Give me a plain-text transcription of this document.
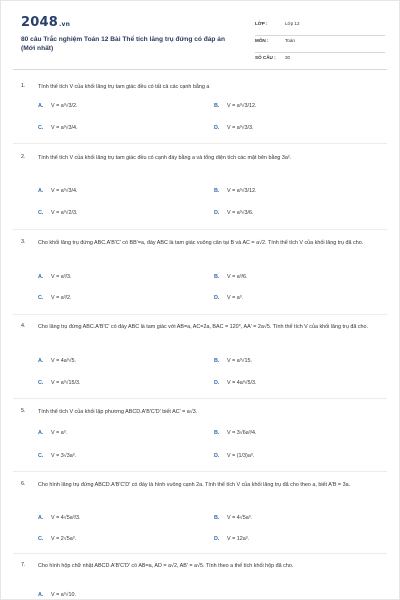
2048.vn
80 câu Trắc nghiệm Toán 12 Bài Thể tích lăng trụ đứng có đáp án (Mới nhất)
LỚP :	Lớp 12
MÔN :	Toán
SỐ CÂU : 30
1. Tính thể tích V của khối lăng trụ tam giác đều có tất cả các cạnh bằng a
A. V = a³√3/2.	B. V = a³√3/12.
C. V = a³√3/4.	D. V = a³√3/3.
2. Tính thể tích V của khối lăng trụ tam giác đều có cạnh đáy bằng a và tổng diện tích các mặt bên bằng 3a².
A. V = a³√3/4.	B. V = a³√3/12.
C. V = a³√2/3.	D. V = a³√3/6.
3. Cho khối lăng trụ đứng ABC.A'B'C' có BB'=a, đáy ABC là tam giác vuông cân tại B và AC = a√2. Tính thể tích V của khối lăng trụ đã cho.
A. V = a³/3.	B. V = a³/6.
C. V = a³/2.	D. V = a³.
4. Cho lăng trụ đứng ABC.A'B'C' có đáy ABC là tam giác với AB=a, AC=2a, BAC = 120°, AA' = 2a√5. Tính thể tích V của khối lăng trụ đã cho.
A. V = 4a³√5.	B. V = a³√15.
C. V = a³√15/3.	D. V = 4a³√5/3.
5. Tính thể tích V của khối lập phương ABCD.A'B'C'D' biết AC' = a√3.
A. V = a³.	B. V = 3√6a³/4.
C. V = 3√3a³.	D. V = (1/3)a³.
6. Cho hình lăng trụ đứng ABCD.A'B'C'D' có đáy là hình vuông cạnh 2a. Tính thể tích V của khối lăng trụ đã cho theo a, biết A'B = 3a.
A. V = 4√5a³/3.	B. V = 4√5a³.
C. V = 2√5a³.	D. V = 12a³.
7. Cho hình hộp chữ nhật ABCD.A'B'C'D' có AB=a, AD = a√2, AB' = a√5. Tính theo a thể tích khối hộp đã cho.
A. V = a³√10.
